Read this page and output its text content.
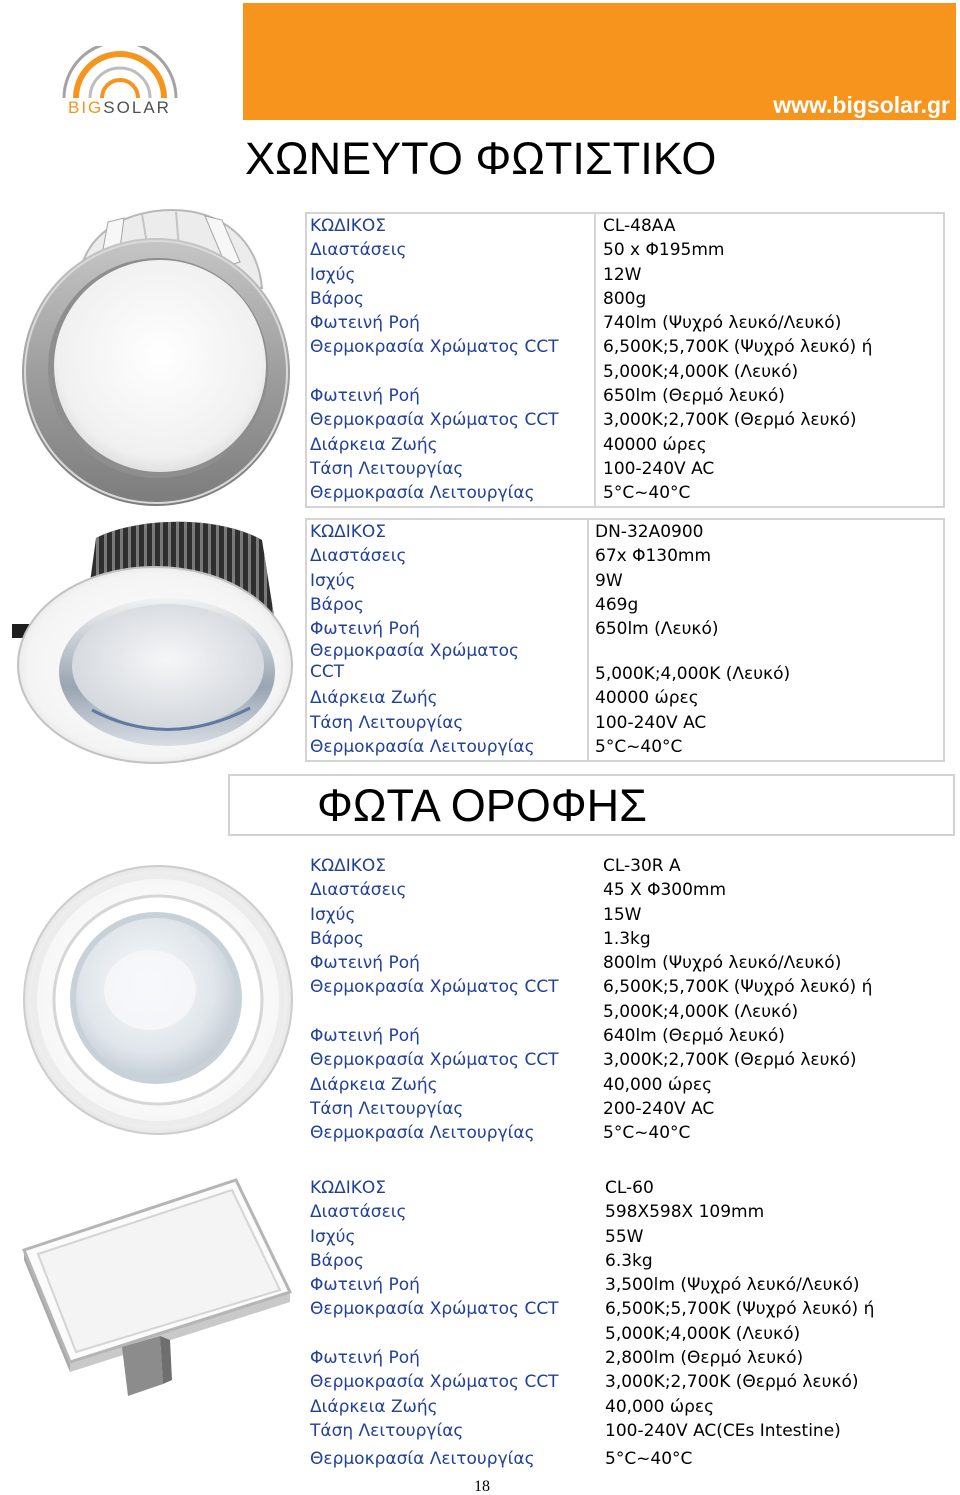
BIGSOLAR	www.bigsolar.gr
ΧΩΝΕΥΤΟ ΦΩΤΙΣΤΙΚΟ
ΚΩΔΙΚΟΣ	CL-48AA
Διαστάσεις	50 x Φ195mm
Ισχύς	12W
Βάρος	800g
Φωτεινή Ροή	740lm (Ψυχρό λευκό/Λευκό)
Θερμοκρασία Χρώματος CCT	6,500K;5,700K (Ψυχρό λευκό) ή
5,000K;4,000K (Λευκό)
Φωτεινή Ροή	650lm (Θερμό λευκό)
Θερμοκρασία Χρώματος CCT	3,000K;2,700K (Θερμό λευκό)
Διάρκεια Ζωής	40000 ώρες
Τάση Λειτουργίας	100-240V AC
Θερμοκρασία Λειτουργίας	5°C~40°C
ΚΩΔΙΚΟΣ	DN-32A0900
Διαστάσεις	67x Φ130mm
Ισχύς	9W
Βάρος	469g
Φωτεινή Ροή	650lm (Λευκό)
Θερμοκρασία Χρώματος
CCT	5,000K;4,000K (Λευκό)
Διάρκεια Ζωής	40000 ώρες
Τάση Λειτουργίας	100-240V AC
Θερμοκρασία Λειτουργίας	5°C~40°C
ΦΩΤΑ ΟΡΟΦΗΣ
ΚΩΔΙΚΟΣ	CL-30R A
Διαστάσεις	45 X Φ300mm
Ισχύς	15W
Βάρος	1.3kg
Φωτεινή Ροή	800lm (Ψυχρό λευκό/Λευκό)
Θερμοκρασία Χρώματος CCT	6,500K;5,700K (Ψυχρό λευκό) ή
5,000K;4,000K (Λευκό)
Φωτεινή Ροή	640lm (Θερμό λευκό)
Θερμοκρασία Χρώματος CCT	3,000K;2,700K (Θερμό λευκό)
Διάρκεια Ζωής	40,000 ώρες
Τάση Λειτουργίας	200-240V AC
Θερμοκρασία Λειτουργίας	5°C~40°C
ΚΩΔΙΚΟΣ	CL-60
Διαστάσεις	598X598X 109mm
Ισχύς	55W
Βάρος	6.3kg
Φωτεινή Ροή	3,500lm (Ψυχρό λευκό/Λευκό)
Θερμοκρασία Χρώματος CCT	6,500K;5,700K (Ψυχρό λευκό) ή
5,000K;4,000K (Λευκό)
Φωτεινή Ροή	2,800lm (Θερμό λευκό)
Θερμοκρασία Χρώματος CCT	3,000K;2,700K (Θερμό λευκό)
Διάρκεια Ζωής	40,000 ώρες
Τάση Λειτουργίας	100-240V AC(CEs Intestine)
Θερμοκρασία Λειτουργίας	5°C~40°C
18
